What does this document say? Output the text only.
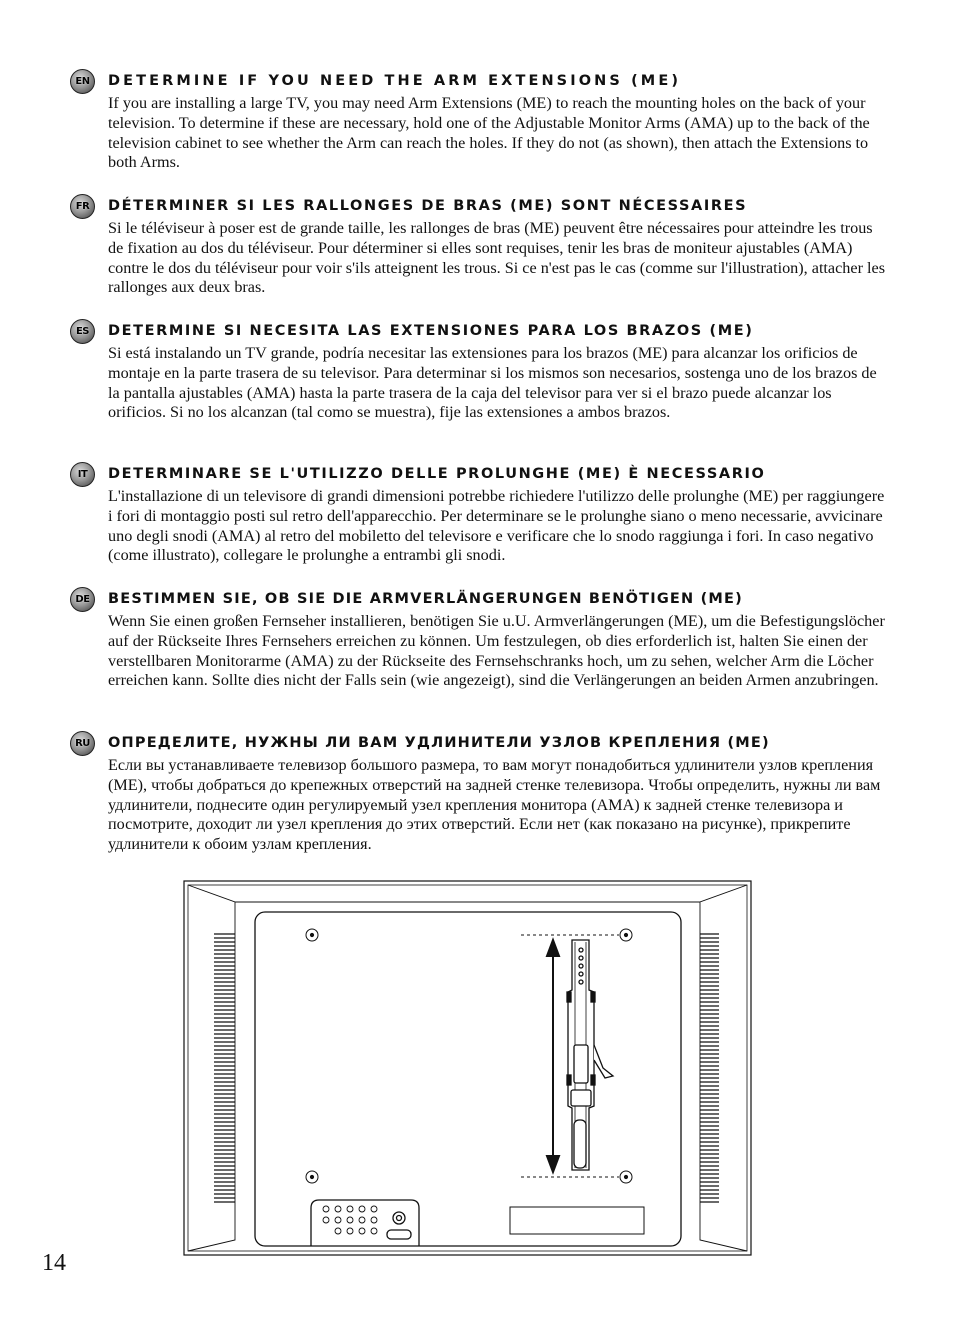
EN	DETERMINE IF YOU NEED THE ARM EXTENSIONS (ME)
If you are installing a large TV, you may need Arm Extensions (ME) to reach the mounting holes on the back of your television. To determine if these are necessary, hold one of the Adjustable Monitor Arms (AMA) up to the back of the television cabinet to see whether the Arm can reach the holes. If they do not (as shown), then attach the Extensions to both Arms.
FR	DÉTERMINER SI LES RALLONGES DE BRAS (ME) SONT NÉCESSAIRES
Si le téléviseur à poser est de grande taille, les rallonges de bras (ME) peuvent être nécessaires pour atteindre les trous de fixation au dos du téléviseur. Pour déterminer si elles sont requises, tenir les bras de moniteur ajustables (AMA) contre le dos du téléviseur pour voir s'ils atteignent les trous. Si ce n'est pas le cas (comme sur l'illustration), attacher les rallonges aux deux bras.
ES	DETERMINE SI NECESITA LAS EXTENSIONES PARA LOS BRAZOS (ME)
Si está instalando un TV grande, podría necesitar las extensiones para los brazos (ME) para alcanzar los orificios de montaje en la parte trasera de su televisor. Para determinar si los mismos son necesarios, sostenga uno de los brazos de la pantalla ajustables (AMA) hasta la parte trasera de la caja del televisor para ver si el brazo puede alcanzar los orificios. Si no los alcanzan (tal como se muestra), fije las extensiones a ambos brazos.
IT	DETERMINARE SE L'UTILIZZO DELLE PROLUNGHE (ME) È NECESSARIO
L'installazione di un televisore di grandi dimensioni potrebbe richiedere l'utilizzo delle prolunghe (ME) per raggiungere i fori di montaggio posti sul retro dell'apparecchio. Per determinare se le prolunghe siano o meno necessarie, avvicinare uno degli snodi (AMA) al retro del mobiletto del televisore e verificare che lo snodo raggiunga i fori. In caso negativo (come illustrato), collegare le prolunghe a entrambi gli snodi.
DE	BESTIMMEN SIE, OB SIE DIE ARMVERLÄNGERUNGEN BENÖTIGEN (ME)
Wenn Sie einen großen Fernseher installieren, benötigen Sie u.U. Armverlängerungen (ME), um die Befestigungslöcher auf der Rückseite Ihres Fernsehers erreichen zu können. Um festzulegen, ob dies erforderlich ist, halten Sie einen der verstellbaren Monitorarme (AMA) zu der Rückseite des Fernsehschranks hoch, um zu sehen, welcher Arm die Löcher erreichen kann. Sollte dies nicht der Falls sein (wie angezeigt), sind die Verlängerungen an beiden Armen anzubringen.
RU	ОПРЕДЕЛИТЕ, НУЖНЫ ЛИ ВАМ УДЛИНИТЕЛИ УЗЛОВ КРЕПЛЕНИЯ (ME)
Если вы устанавливаете телевизор большого размера, то вам могут понадобиться удлинители узлов крепления (ME), чтобы добраться до крепежных отверстий на задней стенке телевизора. Чтобы определить, нужны ли вам удлинители, поднесите один регулируемый узел крепления монитора (AMA) к задней стенке телевизора и посмотрите, доходит ли узел крепления до этих отверстий. Если нет (как показано на рисунке), прикрепите удлинители к обоим узлам крепления.
14
